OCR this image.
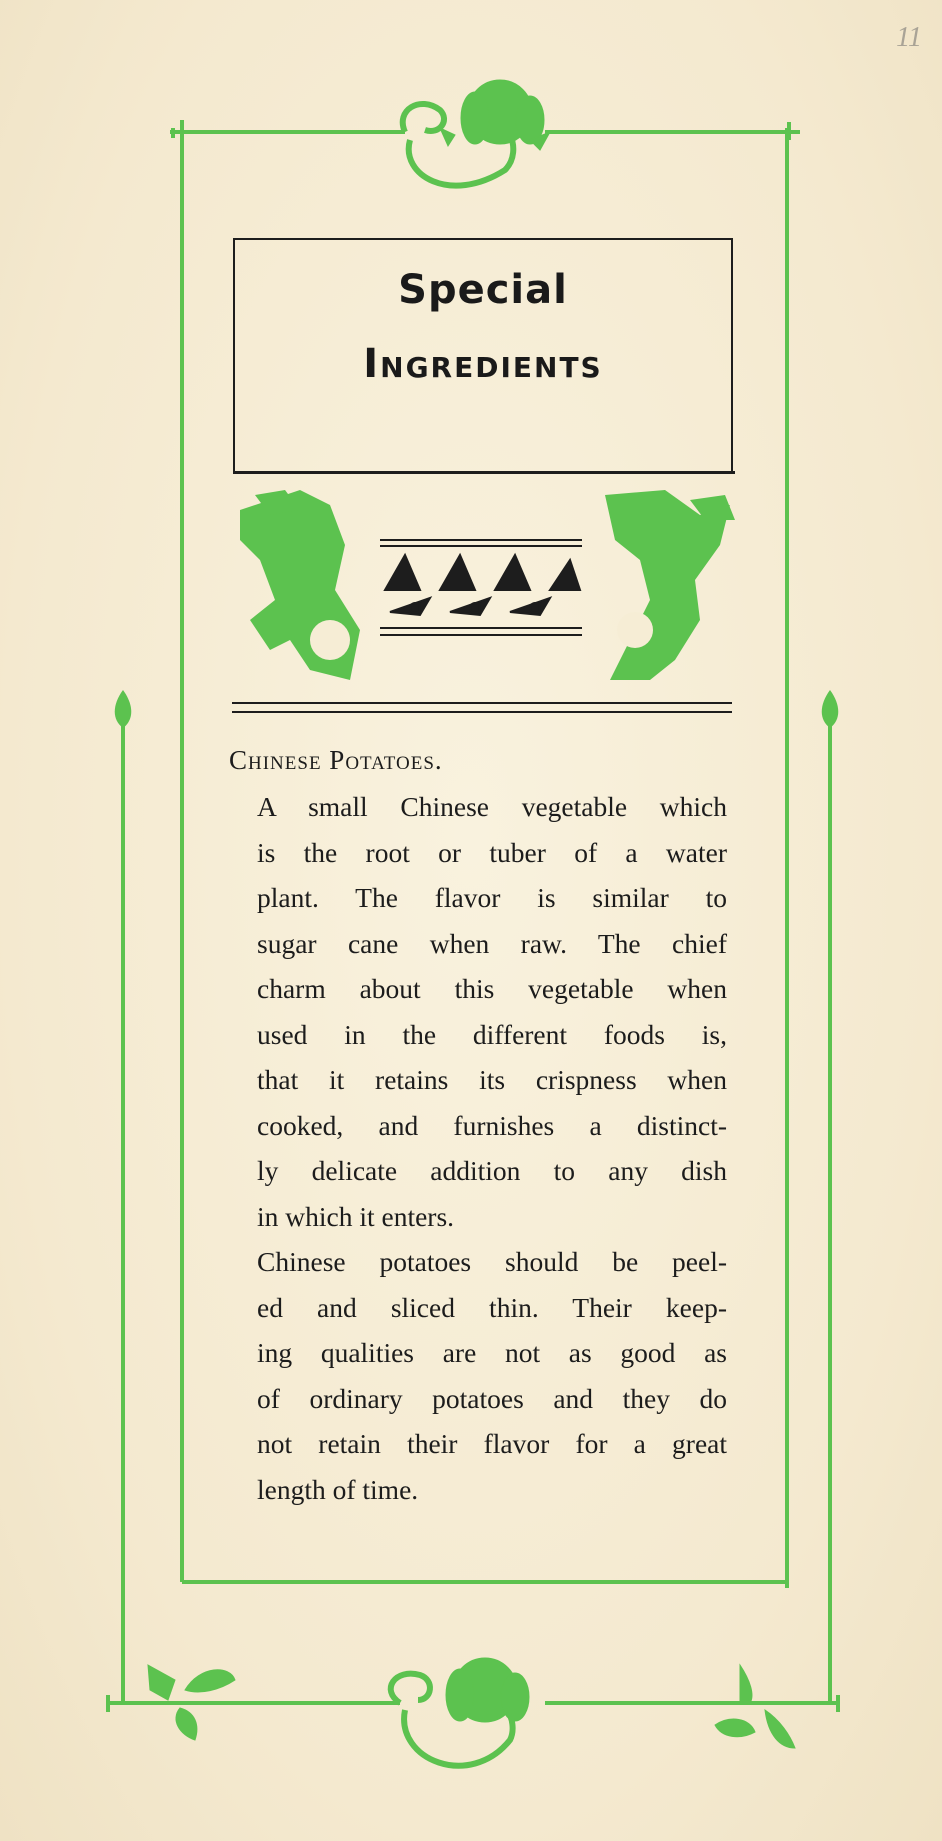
11
Special
Ingredients
Chinese Potatoes.
A small Chinese vegetable which
is the root or tuber of a water
plant. The flavor is similar to
sugar cane when raw. The chief
charm about this vegetable when
used in the different foods is,
that it retains its crispness when
cooked, and furnishes a distinct-
ly delicate addition to any dish
in which it enters.
Chinese potatoes should be peel-
ed and sliced thin. Their keep-
ing qualities are not as good as
of ordinary potatoes and they do
not retain their flavor for a great
length of time.
